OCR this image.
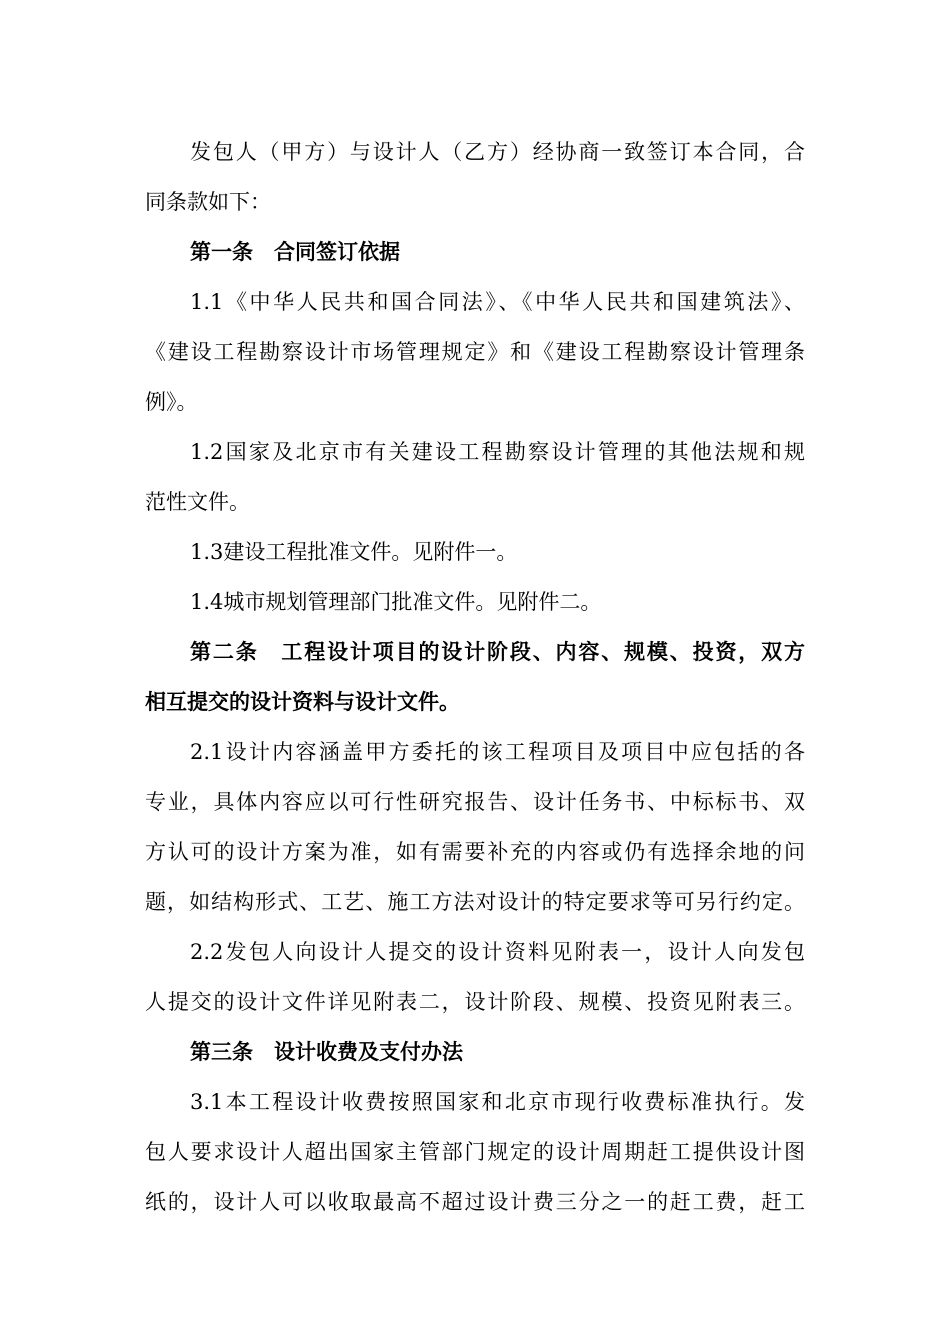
发包人（甲方）与设计人（乙方）经协商一致签订本合同，合
同条款如下：
第一条　合同签订依据
1.1《中华人民共和国合同法》、《中华人民共和国建筑法》、
《建设工程勘察设计市场管理规定》和《建设工程勘察设计管理条
例》。
1.2国家及北京市有关建设工程勘察设计管理的其他法规和规
范性文件。
1.3建设工程批准文件。见附件一。
1.4城市规划管理部门批准文件。见附件二。
第二条　工程设计项目的设计阶段、内容、规模、投资，双方
相互提交的设计资料与设计文件。
2.1设计内容涵盖甲方委托的该工程项目及项目中应包括的各
专业，具体内容应以可行性研究报告、设计任务书、中标标书、双
方认可的设计方案为准，如有需要补充的内容或仍有选择余地的问
题，如结构形式、工艺、施工方法对设计的特定要求等可另行约定。
2.2发包人向设计人提交的设计资料见附表一，设计人向发包
人提交的设计文件详见附表二，设计阶段、规模、投资见附表三。
第三条　设计收费及支付办法
3.1本工程设计收费按照国家和北京市现行收费标准执行。发
包人要求设计人超出国家主管部门规定的设计周期赶工提供设计图
纸的，设计人可以收取最高不超过设计费三分之一的赶工费，赶工
